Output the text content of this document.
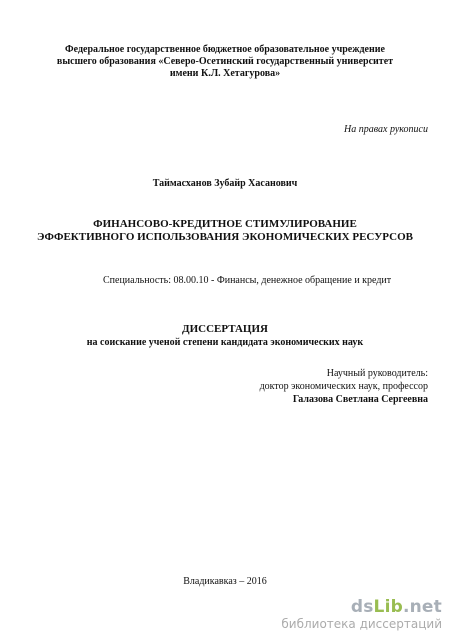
Федеральное государственное бюджетное образовательное учреждение
высшего образования «Северо-Осетинский государственный университет
имени К.Л. Хетагурова»
На правах рукописи
Таймасханов Зубайр Хасанович
ФИНАНСОВО-КРЕДИТНОЕ СТИМУЛИРОВАНИЕ
ЭФФЕКТИВНОГО ИСПОЛЬЗОВАНИЯ ЭКОНОМИЧЕСКИХ РЕСУРСОВ
Специальность: 08.00.10 - Финансы, денежное обращение и кредит
ДИССЕРТАЦИЯ
на соискание ученой степени кандидата экономических наук
Научный руководитель:
доктор экономических наук, профессор
Галазова Светлана Сергеевна
Владикавказ – 2016
dsLib.net
библиотека диссертаций
